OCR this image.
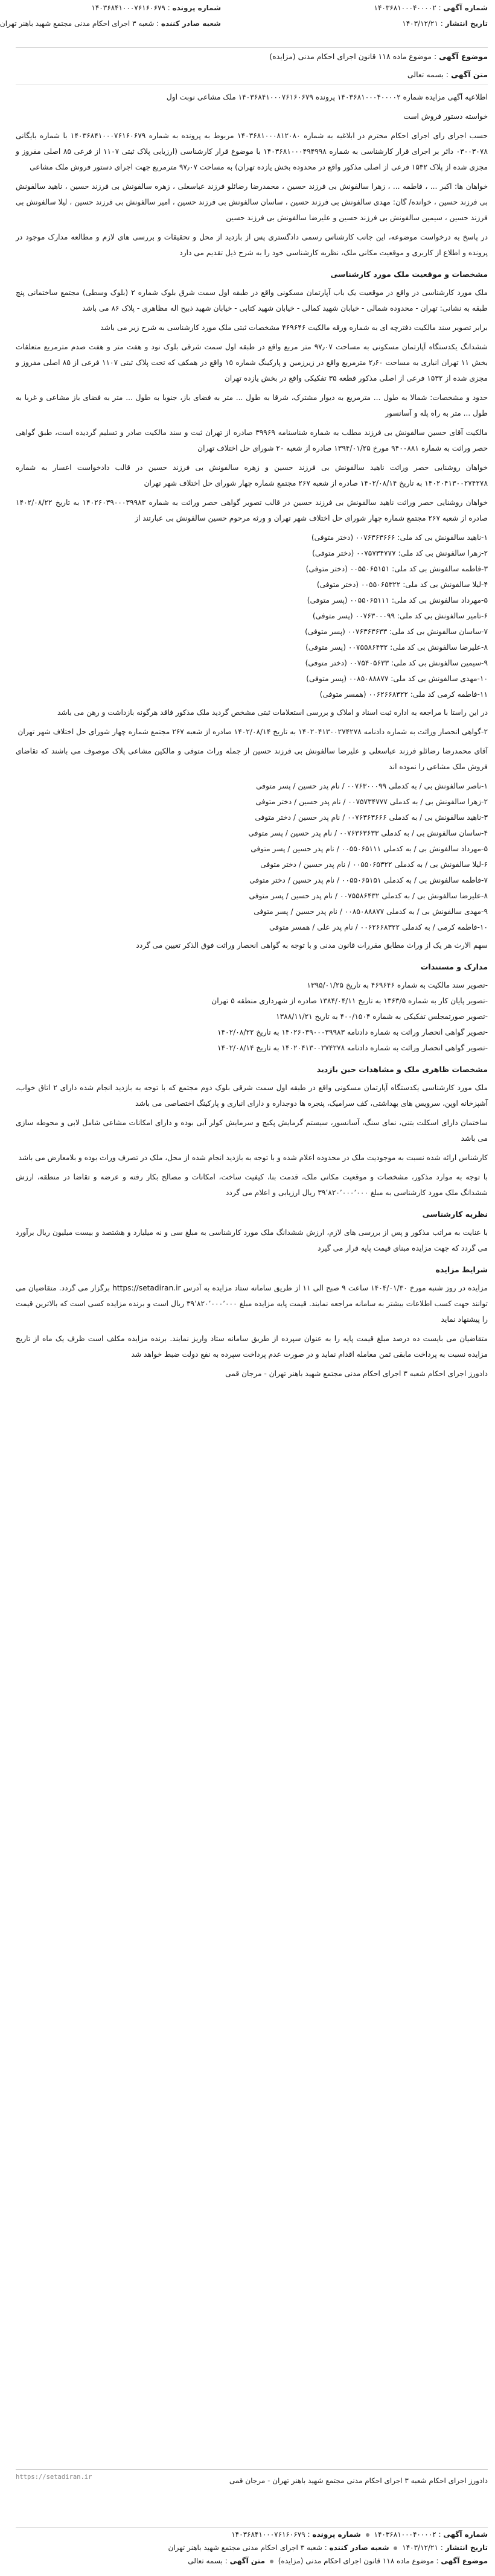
شماره آگهی : ۱۴۰۳۶۸۱۰۰۰۴۰۰۰۰۲
تاریخ انتشار : ۱۴۰۳/۱۲/۲۱
شماره پرونده : ۱۴۰۳۶۸۴۱۰۰۰۷۶۱۶۰۶۷۹
شعبه صادر کننده : شعبه ۳ اجرای احکام مدنی مجتمع شهید باهنر تهران
موضوع آگهی : موضوع ماده ۱۱۸ قانون اجرای احکام مدنی (مزایده)
متن آگهی : بسمه تعالی

اطلاعیه آگهی مزایده شماره ۱۴۰۳۶۸۱۰۰۰۴۰۰۰۰۲ پرونده ۱۴۰۳۶۸۴۱۰۰۰۷۶۱۶۰۶۷۹ ملک مشاعی نوبت اول

خواسته دستور فروش است

حسب اجرای رای اجرای احکام محترم در ابلاغیه به شماره ۱۴۰۳۶۸۱۰۰۰۸۱۲۰۸۰ مربوط به پرونده به شماره ۱۴۰۳۶۸۴۱۰۰۰۷۶۱۶۰۶۷۹ با شماره بایگانی ۰۳۰۰۳۰۷۸ دائر بر اجرای قرار کارشناسی به شماره ۱۴۰۳۶۸۱۰۰۰۴۹۴۹۹۸ با موضوع قرار کارشناسی (ارزیابی پلاک ثبتی ۱۱۰۷ از فرعی ۸۵ اصلی مفروز و مجزی شده از پلاک ۱۵۳۲ فرعی از اصلی مذکور واقع در محدوده بخش یازده تهران) به مساحت ۹۷٫۰۷ مترمربع جهت اجرای دستور فروش ملک مشاعی

خواهان ها: اکبر ... ، فاطمه ... ، زهرا سالفونش بی فرزند حسین ، محمدرضا رضائلو فرزند عباسعلی ، زهره سالفونش بی فرزند حسین ، ناهید سالفونش بی فرزند حسین ، خوانده/ گان: مهدی سالفونش بی فرزند حسین ، ساسان سالفونش بی فرزند حسین ، امیر سالفونش بی فرزند حسین ، لیلا سالفونش بی فرزند حسین ، سیمین سالفونش بی فرزند حسین و علیرضا سالفونش بی فرزند حسین

در پاسخ به درخواست موضوعه، این جانب کارشناس رسمی دادگستری پس از بازدید از محل و تحقیقات و بررسی های لازم و مطالعه مدارک موجود در پرونده و اطلاع از کاربری و موقعیت مکانی ملک، نظریه کارشناسی خود را به شرح ذیل تقدیم می دارد

مشخصات و موقعیت ملک مورد کارشناسی

ملک مورد کارشناسی در واقع در موقعیت یک باب آپارتمان مسکونی واقع در طبقه اول سمت شرق بلوک شماره ۲ (بلوک وسطی) مجتمع ساختمانی پنج طبقه به نشانی: تهران - محدوده شمالی - خیابان شهید کمالی - خیابان شهید کتابی - خیابان شهید ذبیح اله مظاهری - پلاک ۸۶ می باشد

برابر تصویر سند مالکیت دفترچه ای به شماره ورقه مالکیت ۴۶۹۶۴۶ مشخصات ثبتی ملک مورد کارشناسی به شرح زیر می باشد

ششدانگ یکدستگاه آپارتمان مسکونی به مساحت ۹۷٫۰۷ متر مربع واقع در طبقه اول سمت شرقی بلوک نود و هفت متر و هفت صدم مترمربع متعلقات بخش ۱۱ تهران انباری به مساحت ۲٫۶۰ مترمربع واقع در زیرزمین و پارکینگ شماره ۱۵ واقع در همکف که تحت پلاک ثبتی ۱۱۰۷ فرعی از ۸۵ اصلی مفروز و مجزی شده از ۱۵۳۲ فرعی از اصلی مذکور قطعه ۳۵ تفکیکی واقع در بخش یازده تهران

حدود و مشخصات: شمالا به طول ... مترمربع به دیوار مشترک، شرقا به طول ... متر به فضای باز، جنوبا به طول ... متر به فضای باز مشاعی و غربا به طول ... متر به راه پله و آسانسور

مالکیت آقای حسین سالفونش بی فرزند مطلب به شماره شناسنامه ۳۹۹۶۹ صادره از تهران ثبت و سند مالکیت صادر و تسلیم گردیده است، طبق گواهی حصر وراثت به شماره ۹۴۰۰۸۸۱ مورخ ۱۳۹۴/۰۱/۲۵ صادره از شعبه ۲۰ شورای حل اختلاف تهران

خواهان روشنایی حصر وراثت ناهید سالفونش بی فرزند حسین و زهره سالفونش بی فرزند حسین در قالب دادخواست اعسار به شماره ۱۴۰۲۰۴۱۳۰۰۲۷۴۲۷۸ به تاریخ ۱۴۰۲/۰۸/۱۴ صادره از شعبه ۲۶۷ مجتمع شماره چهار شورای حل اختلاف شهر تهران

خواهان روشنایی حصر وراثت ناهید سالفونش بی فرزند حسین در قالب تصویر گواهی حصر وراثت به شماره ۱۴۰۲۶۰۳۹۰۰۰۳۹۹۸۳ به تاریخ ۱۴۰۲/۰۸/۲۲ صادره از شعبه ۲۶۷ مجتمع شماره چهار شورای حل اختلاف شهر تهران و ورثه مرحوم حسین سالفونش بی عبارتند از

۱-ناهید سالفونش بی کد ملی: ۰۰۷۶۳۶۳۶۶۶ (دختر متوفی)
۲-زهرا سالفونش بی کد ملی: ۰۰۷۵۷۳۴۷۷۷ (دختر متوفی)
۳-فاطمه سالفونش بی کد ملی: ۰۰۵۵۰۶۵۱۵۱ (دختر متوفی)
۴-لیلا سالفونش بی کد ملی: ۰۰۵۵۰۶۵۳۲۲ (دختر متوفی)
۵-مهرداد سالفونش بی کد ملی: ۰۰۵۵۰۶۵۱۱۱ (پسر متوفی)
۶-تامیر سالفونش بی کد ملی: ۰۰۷۶۳۰۰۰۹۹ (پسر متوفی)
۷-ساسان سالفونش بی کد ملی: ۰۰۷۶۳۶۳۶۳۳ (پسر متوفی)
۸-علیرضا سالفونش بی کد ملی: ۰۰۷۵۵۸۶۴۳۲ (پسر متوفی)
۹-سیمین سالفونش بی کد ملی: ۰۰۷۵۴۰۵۶۳۳ (دختر متوفی)
۱۰-مهدی سالفونش بی کد ملی: ۰۰۸۵۰۸۸۸۷۷ (پسر متوفی)
۱۱-فاطمه کرمی کد ملی: ۰۰۶۲۶۶۸۳۲۲ (همسر متوفی)

در این راستا با مراجعه به اداره ثبت اسناد و املاک و بررسی استعلامات ثبتی مشخص گردید ملک مذکور فاقد هرگونه بازداشت و رهن می باشد

۲-گواهی انحصار وراثت به شماره دادنامه ۱۴۰۲۰۴۱۳۰۰۲۷۴۲۷۸ به تاریخ ۱۴۰۲/۰۸/۱۴ صادره از شعبه ۲۶۷ مجتمع شماره چهار شورای حل اختلاف شهر تهران

آقای محمدرضا رضائلو فرزند عباسعلی و علیرضا سالفونش بی فرزند حسین از جمله وراث متوفی و مالکین مشاعی پلاک موصوف می باشند که تقاضای فروش ملک مشاعی را نموده اند

۱-ناصر سالفونش بی / به کدملی ۰۰۷۶۳۰۰۰۹۹ / نام پدر حسین / پسر متوفی
۲-زهرا سالفونش بی / به کدملی ۰۰۷۵۷۳۴۷۷۷ / نام پدر حسین / دختر متوفی
۳-ناهید سالفونش بی / به کدملی ۰۰۷۶۳۶۳۶۶۶ / نام پدر حسین / دختر متوفی
۴-ساسان سالفونش بی / به کدملی ۰۰۷۶۳۶۳۶۳۳ / نام پدر حسین / پسر متوفی
۵-مهرداد سالفونش بی / به کدملی ۰۰۵۵۰۶۵۱۱۱ / نام پدر حسین / پسر متوفی
۶-لیلا سالفونش بی / به کدملی ۰۰۵۵۰۶۵۳۲۲ / نام پدر حسین / دختر متوفی
۷-فاطمه سالفونش بی / به کدملی ۰۰۵۵۰۶۵۱۵۱ / نام پدر حسین / دختر متوفی
۸-علیرضا سالفونش بی / به کدملی ۰۰۷۵۵۸۶۴۳۲ / نام پدر حسین / پسر متوفی
۹-مهدی سالفونش بی / به کدملی ۰۰۸۵۰۸۸۸۷۷ / نام پدر حسین / پسر متوفی
۱۰-فاطمه کرمی / به کدملی ۰۰۶۲۶۶۸۳۲۲ / نام پدر علی / همسر متوفی

سهم الارث هر یک از وراث مطابق مقررات قانون مدنی و با توجه به گواهی انحصار وراثت فوق الذکر تعیین می گردد

مدارک و مستندات
-تصویر سند مالکیت به شماره ۴۶۹۶۴۶ به تاریخ ۱۳۹۵/۰۱/۲۵
-تصویر پایان کار به شماره ۱۳۶۳/۵ به تاریخ ۱۳۸۴/۰۴/۱۱ صادره از شهرداری منطقه ۵ تهران
-تصویر صورتمجلس تفکیکی به شماره ۴۰۰/۱۵۰۴ به تاریخ ۱۳۸۸/۱۱/۲۱
-تصویر گواهی انحصار وراثت به شماره دادنامه ۱۴۰۲۶۰۳۹۰۰۰۳۹۹۸۳ به تاریخ ۱۴۰۲/۰۸/۲۲
-تصویر گواهی انحصار وراثت به شماره دادنامه ۱۴۰۲۰۴۱۳۰۰۲۷۴۲۷۸ به تاریخ ۱۴۰۲/۰۸/۱۴
مشخصات ظاهری ملک و مشاهدات حین بازدید

ملک مورد کارشناسی یکدستگاه آپارتمان مسکونی واقع در طبقه اول سمت شرقی بلوک دوم مجتمع که با توجه به بازدید انجام شده دارای ۲ اتاق خواب، آشپزخانه اوپن، سرویس های بهداشتی، کف سرامیک، پنجره ها دوجداره و دارای انباری و پارکینگ اختصاصی می باشد

ساختمان دارای اسکلت بتنی، نمای سنگ، آسانسور، سیستم گرمایش پکیج و سرمایش کولر آبی بوده و دارای امکانات مشاعی شامل لابی و محوطه سازی می باشد

کارشناس ارائه شده نسبت به موجودیت ملک در محدوده اعلام شده و با توجه به بازدید انجام شده از محل، ملک در تصرف وراث بوده و بلامعارض می باشد

با توجه به موارد مذکور، مشخصات و موقعیت مکانی ملک، قدمت بنا، کیفیت ساخت، امکانات و مصالح بکار رفته و عرضه و تقاضا در منطقه، ارزش ششدانگ ملک مورد کارشناسی به مبلغ ۳۹٬۸۲۰٬۰۰۰٬۰۰۰ ریال ارزیابی و اعلام می گردد

نظریه کارشناسی

با عنایت به مراتب مذکور و پس از بررسی های لازم، ارزش ششدانگ ملک مورد کارشناسی به مبلغ سی و نه میلیارد و هشتصد و بیست میلیون ریال برآورد می گردد که جهت مزایده مبنای قیمت پایه قرار می گیرد

شرایط مزایده

مزایده در روز شنبه مورخ ۱۴۰۴/۰۱/۳۰ ساعت ۹ صبح الی ۱۱ از طریق سامانه ستاد مزایده به آدرس https://setadiran.ir برگزار می گردد. متقاضیان می توانند جهت کسب اطلاعات بیشتر به سامانه مراجعه نمایند. قیمت پایه مزایده مبلغ ۳۹٬۸۲۰٬۰۰۰٬۰۰۰ ریال است و برنده مزایده کسی است که بالاترین قیمت را پیشنهاد نماید

متقاضیان می بایست ده درصد مبلغ قیمت پایه را به عنوان سپرده از طریق سامانه ستاد واریز نمایند. برنده مزایده مکلف است ظرف یک ماه از تاریخ مزایده نسبت به پرداخت مابقی ثمن معامله اقدام نماید و در صورت عدم پرداخت سپرده به نفع دولت ضبط خواهد شد

دادورز اجرای احکام شعبه ۳ اجرای احکام مدنی مجتمع شهید باهنر تهران - مرجان قمی

دادورز اجرای احکام شعبه ۳ اجرای احکام مدنی مجتمع شهید باهنر تهران - مرجان قمی
https://setadiran.ir
شماره آگهی : ۱۴۰۳۶۸۱۰۰۰۴۰۰۰۰۲  شماره پرونده : ۱۴۰۳۶۸۴۱۰۰۰۷۶۱۶۰۶۷۹
تاریخ انتشار : ۱۴۰۳/۱۲/۲۱  شعبه صادر کننده : شعبه ۳ اجرای احکام مدنی مجتمع شهید باهنر تهران
موضوع آگهی : موضوع ماده ۱۱۸ قانون اجرای احکام مدنی (مزایده)  متن آگهی : بسمه تعالی
